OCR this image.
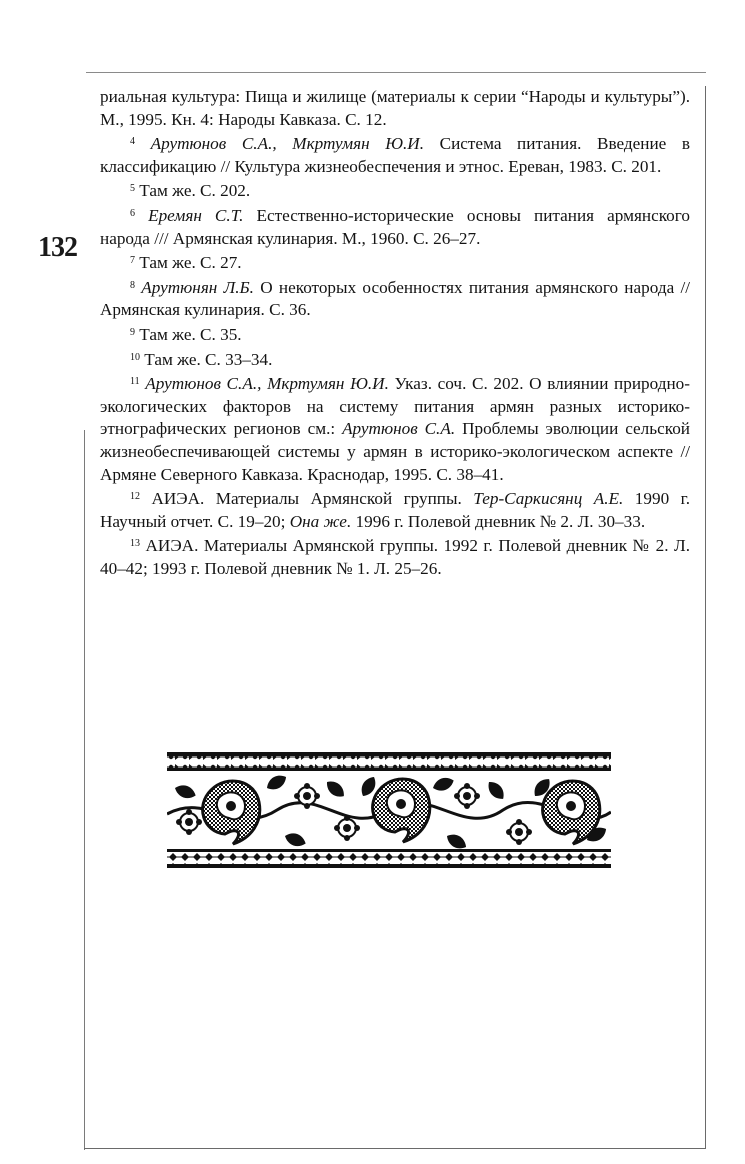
132

риальная культура: Пища и жилище (материалы к серии “Народы и культуры”). М., 1995. Кн. 4: Народы Кавказа. С. 12.

$^4$ Арутюнов С.А., Мкртумян Ю.И. Система питания. Введение в классификацию // Культура жизнеобеспечения и этнос. Ереван, 1983. С. 201.

$^5$ Там же. С. 202.

$^6$ Еремян С.Т. Естественно-исторические основы питания армянского народа /// Армянская кулинария. М., 1960. С. 26–27.

$^7$ Там же. С. 27.

$^8$ Арутюнян Л.Б. О некоторых особенностях питания армянского народа // Армянская кулинария. С. 36.

$^9$ Там же. С. 35.

$^{10}$ Там же. С. 33–34.

$^{11}$ Арутюнов С.А., Мкртумян Ю.И. Указ. соч. С. 202. О влиянии природно-экологических факторов на систему питания армян разных историко-этнографических регионов см.: Арутюнов С.А. Проблемы эволюции сельской жизнеобеспечивающей системы у армян в историко-экологическом аспекте // Армяне Северного Кавказа. Краснодар, 1995. С. 38–41.

$^{12}$ АИЭА. Материалы Армянской группы. Тер-Саркисянц А.Е. 1990 г. Научный отчет. С. 19–20; Она же. 1996 г. Полевой дневник № 2. Л. 30–33.

$^{13}$ АИЭА. Материалы Армянской группы. 1992 г. Полевой дневник № 2. Л. 40–42; 1993 г. Полевой дневник № 1. Л. 25–26.
